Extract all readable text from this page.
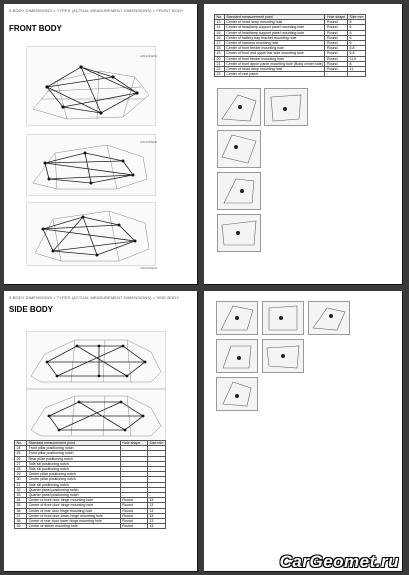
3-BODY DIMENSIONS > TYPES (ACTUAL MEASUREMENT DIMENSIONS) > FRONT BODY
FRONT BODY
A001234E01
A001235E01
A001236E01
No.	Standard measurement point	Hole shape	Size mm
13	Center of head lamp mounting hole	Round	8
14	Center of headlamp support panel mounting hole	Round	6
15	Center of headlamp support panel mounting hole	Round	6
16	Center of battery tray bracket mounting hole	Round	6
17	Center of harness mounting hole	Round	6
18	Center of front fender mounting hole	Round	6.8
19	Center of front end upper bar side mounting hole	Round	6.8
20	Center of front fender mounting hole	Round	11.5
21	Center of front apron panel mounting hole (Body center side)	Round	8
22	Center of head lamp mounting hole	Round	11
23	Center of roof panel	-	-
3-BODY DIMENSIONS > TYPES (ACTUAL MEASUREMENT DIMENSIONS) > SIDE BODY
SIDE BODY
No.	Standard measurement point	Hole shape	Size mm
24	Front pillar positioning notch	-	-
25	Front pillar positioning notch	-	-
26	Rear pillar positioning notch	-	-
27	Side sill positioning notch	-	-
28	Side sill positioning notch	-	-
29	Center pillar positioning notch	-	-
30	Center pillar positioning notch	-	-
31	Side sill positioning notch	-	-
32	Quarter panel positioning notch	-	-
33	Quarter panel positioning notch	-	-
34	Center of front door hinge mounting hole	Round	13
35	Center of front door hinge mounting hole	Round	13
36	Center of rear door hinge mounting hole	Round	13
37	Center of front door lower hinge mounting hole	Round	13
38	Center of rear door lower hinge mounting hole	Round	13
39	Center of striker mounting hole	Round	13
CarGeomet.ru
